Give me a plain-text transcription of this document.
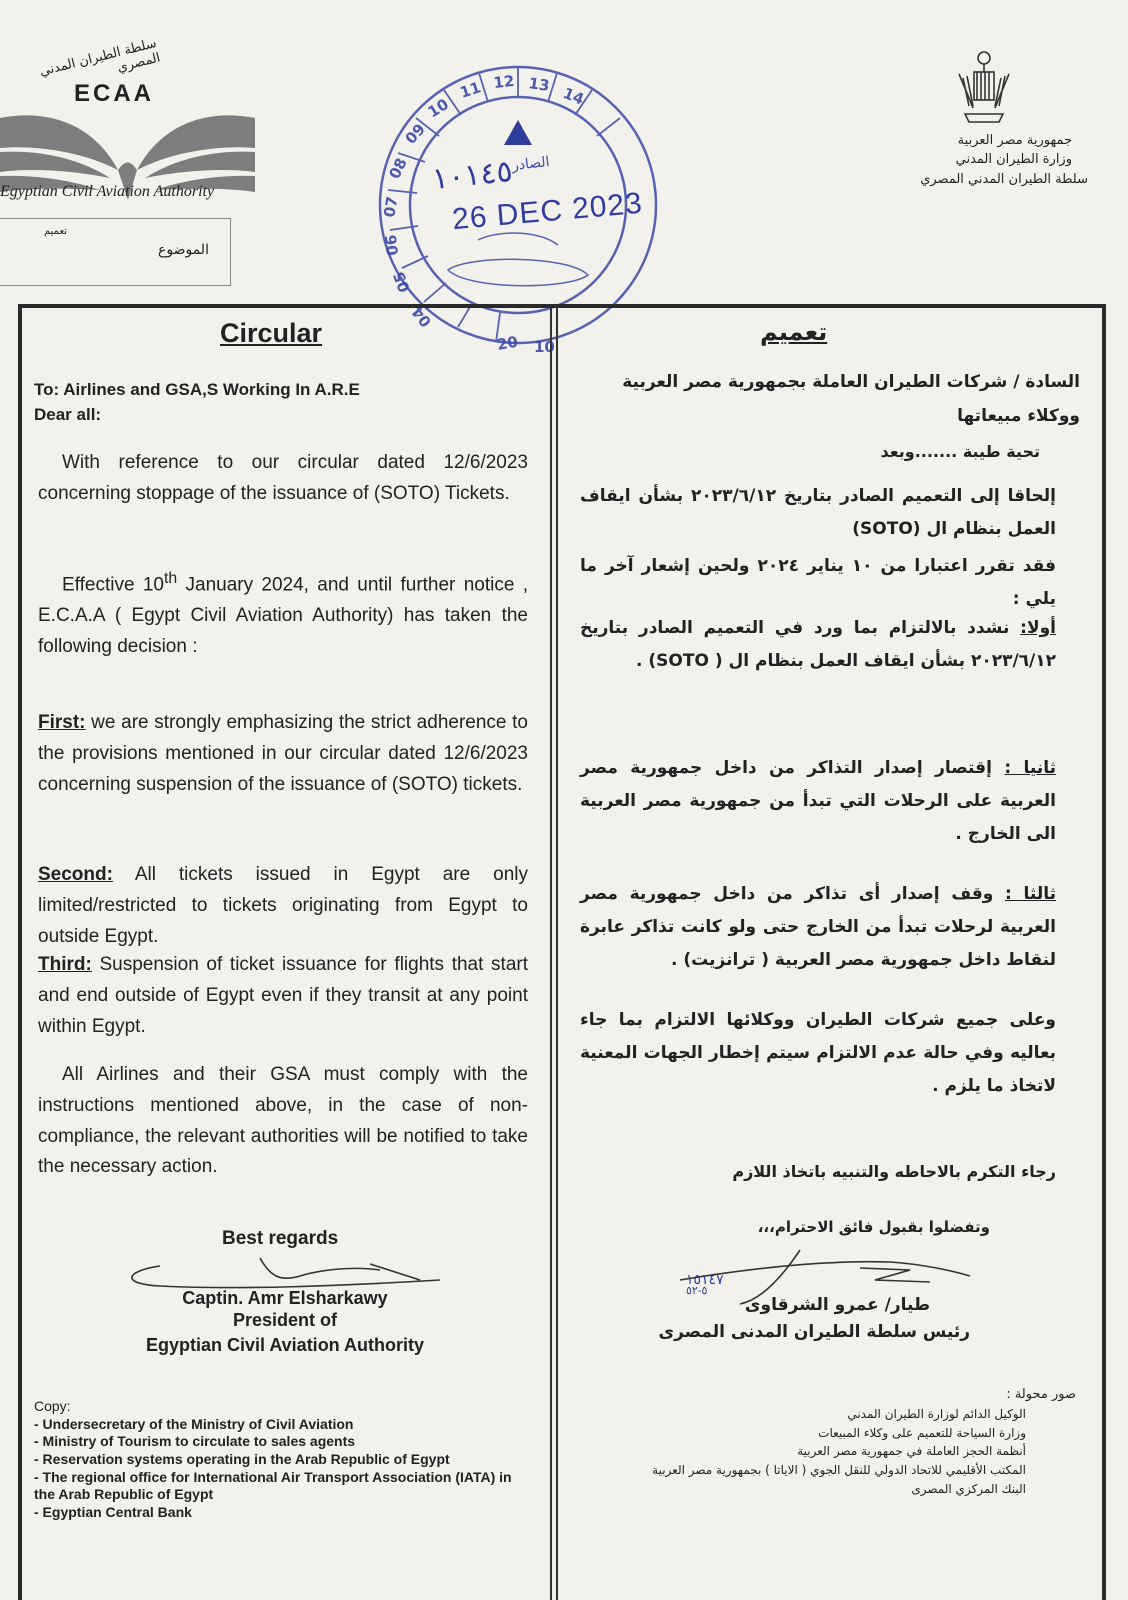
سلطة الطيران المدني المصري
ECAA
Egyptian Civil Aviation Authority
تعميم
الموضوع
جمهورية مصر العربية
وزارة الطيران المدني
سلطة الطيران المدني المصري
11 12 13 14
10
09
08
07
06
05
04
20 10
الصادر
١٠١٤٥
26 DEC 2023
Circular
To: Airlines and GSA,S Working In A.R.E
Dear all:
With reference to our circular dated 12/6/2023 concerning stoppage of the issuance of (SOTO) Tickets.
Effective 10th January 2024, and until further notice , E.C.A.A ( Egypt Civil Aviation Authority) has taken the following decision :
First: we are strongly emphasizing the strict adherence to the provisions mentioned in our circular dated 12/6/2023 concerning suspension of the issuance of (SOTO) tickets.
Second: All tickets issued in Egypt are only limited/restricted to tickets originating from Egypt to outside Egypt.
Third: Suspension of ticket issuance for flights that start and end outside of Egypt even if they transit at any point within Egypt.
All Airlines and their GSA must comply with the instructions mentioned above, in the case of non- compliance, the relevant authorities will be notified to take the necessary action.
Best regards
Captin. Amr Elsharkawy
President of
Egyptian Civil Aviation Authority
Copy:
- Undersecretary of the Ministry of Civil Aviation
- Ministry of Tourism to circulate to sales agents
- Reservation systems operating in the Arab Republic of Egypt
- The regional office for International Air Transport Association (IATA) in the Arab Republic of Egypt
- Egyptian Central Bank
تعميم
السادة / شركات الطيران العاملة بجمهورية مصر العربية ووكلاء مبيعاتها
تحية طيبة .......وبعد
إلحاقا إلى التعميم الصادر بتاريخ ٢٠٢٣/٦/١٢ بشأن ايقاف العمل بنظام ال (SOTO)
فقد تقرر اعتبارا من ١٠ يناير ٢٠٢٤ ولحين إشعار آخر ما يلي :
أولا: نشدد بالالتزام بما ورد في التعميم الصادر بتاريخ ٢٠٢٣/٦/١٢ بشأن ايقاف العمل بنظام ال ( SOTO) .
ثانيا : إقتصار إصدار التذاكر من داخل جمهورية مصر العربية على الرحلات التي تبدأ من جمهورية مصر العربية الى الخارج .
ثالثا : وقف إصدار أى تذاكر من داخل جمهورية مصر العربية لرحلات تبدأ من الخارج حتى ولو كانت تذاكر عابرة لنقاط داخل جمهورية مصر العربية ( ترانزيت) .
وعلى جميع شركات الطيران ووكلائها الالتزام بما جاء بعاليه وفي حالة عدم الالتزام سيتم إخطار الجهات المعنية لاتخاذ ما يلزم .
رجاء التكرم بالاحاطه والتنبيه باتخاذ اللازم
وتفضلوا بقبول فائق الاحترام،،،
١٥١٤٧
٥-٥٢
طيار/ عمرو الشرقاوى
رئيس سلطة الطيران المدنى المصرى
صور محولة :
الوكيل الدائم لوزارة الطيران المدني
وزارة السياحة للتعميم على وكلاء المبيعات
أنظمة الحجز العاملة في جمهورية مصر العربية
المكتب الأقليمي للاتحاد الدولي للنقل الجوي ( الاياتا ) بجمهورية مصر العربية
البنك المركزي المصرى
